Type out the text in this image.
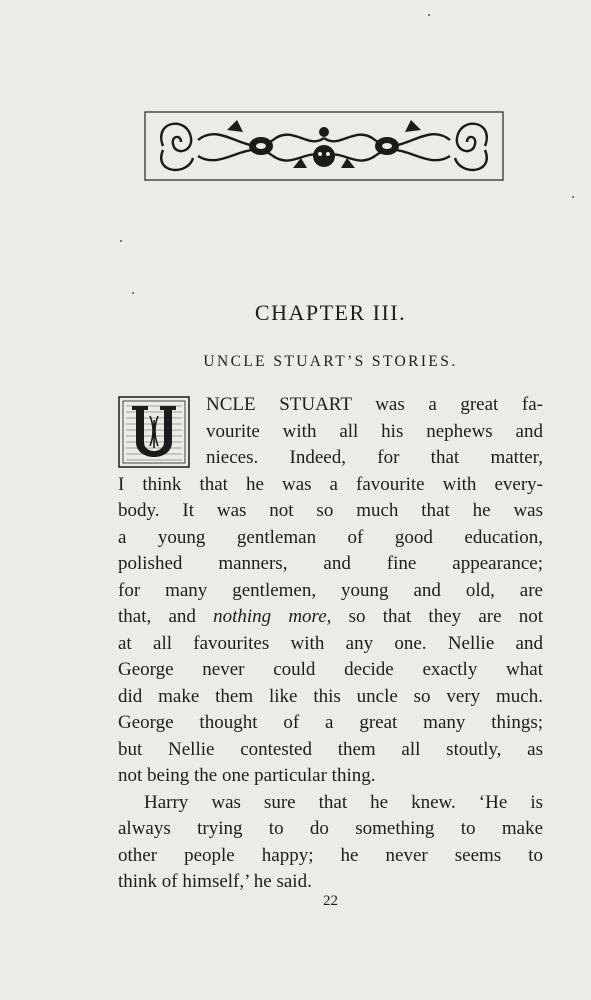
CHAPTER III.
UNCLE STUART’S STORIES.
U
NCLE STUART was a great fa-
vourite with all his nephews and
nieces. Indeed, for that matter,
I think that he was a favourite with every-
body. It was not so much that he was
a young gentleman of good education,
polished manners, and fine appearance;
for many gentlemen, young and old, are
that, and nothing more, so that they are not
at all favourites with any one. Nellie and
George never could decide exactly what
did make them like this uncle so very much.
George thought of a great many things;
but Nellie contested them all stoutly, as
not being the one particular thing.
Harry was sure that he knew. ‘He is
always trying to do something to make
other people happy; he never seems to
think of himself,’ he said.
22
